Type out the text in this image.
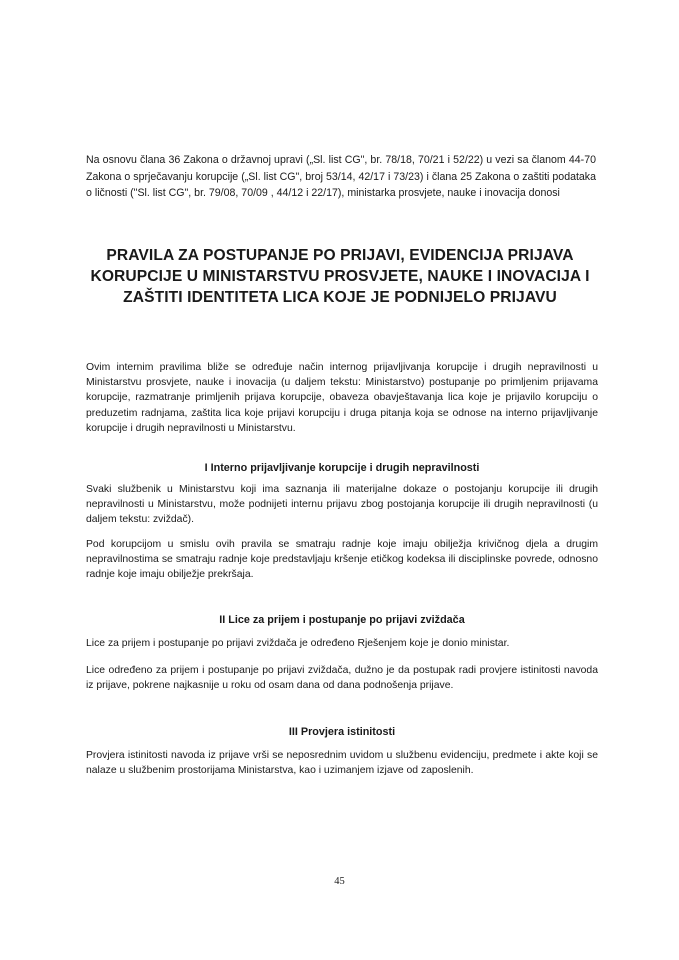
Na osnovu člana 36 Zakona o državnoj upravi („Sl. list CG", br. 78/18, 70/21 i 52/22) u vezi sa članom 44-70 Zakona o sprječavanju korupcije („Sl. list CG", broj 53/14, 42/17 i 73/23) i člana 25 Zakona o zaštiti podataka o ličnosti ("Sl. list CG", br. 79/08, 70/09 , 44/12 i 22/17), ministarka prosvjete, nauke i inovacija donosi

PRAVILA ZA POSTUPANJE PO PRIJAVI, EVIDENCIJA PRIJAVA KORUPCIJE U MINISTARSTVU PROSVJETE, NAUKE I INOVACIJA I ZAŠTITI IDENTITETA LICA KOJE JE PODNIJELO PRIJAVU

Ovim internim pravilima bliže se određuje način internog prijavljivanja korupcije i drugih nepravilnosti u Ministarstvu prosvjete, nauke i inovacija (u daljem tekstu: Ministarstvo) postupanje po primljenim prijavama korupcije, razmatranje primljenih prijava korupcije, obaveza obavještavanja lica koje je prijavilo korupciju o preduzetim radnjama, zaštita lica koje prijavi korupciju i druga pitanja koja se odnose na interno prijavljivanje korupcije i drugih nepravilnosti u Ministarstvu.

I Interno prijavljivanje korupcije i drugih nepravilnosti

Svaki službenik u Ministarstvu koji ima saznanja ili materijalne dokaze o postojanju korupcije ili drugih nepravilnosti u Ministarstvu, može podnijeti internu prijavu zbog postojanja korupcije ili drugih nepravilnosti (u daljem tekstu: zviždač).

Pod korupcijom u smislu ovih pravila se smatraju radnje koje imaju obilježja krivičnog djela a drugim nepravilnostima se smatraju radnje koje predstavljaju kršenje etičkog kodeksa ili disciplinske povrede, odnosno radnje koje imaju obilježje prekršaja.

II Lice za prijem i postupanje po prijavi zviždača

Lice za prijem i postupanje po prijavi zviždača je određeno Rješenjem koje je donio ministar.

Lice određeno za prijem i postupanje po prijavi zviždača, dužno je da postupak radi provjere istinitosti navoda iz prijave, pokrene najkasnije u roku od osam dana od dana podnošenja prijave.

III Provjera istinitosti

Provjera istinitosti navoda iz prijave vrši se neposrednim uvidom u službenu evidenciju, predmete i akte koji se nalaze u službenim prostorijama Ministarstva, kao i uzimanjem izjave od zaposlenih.

45
